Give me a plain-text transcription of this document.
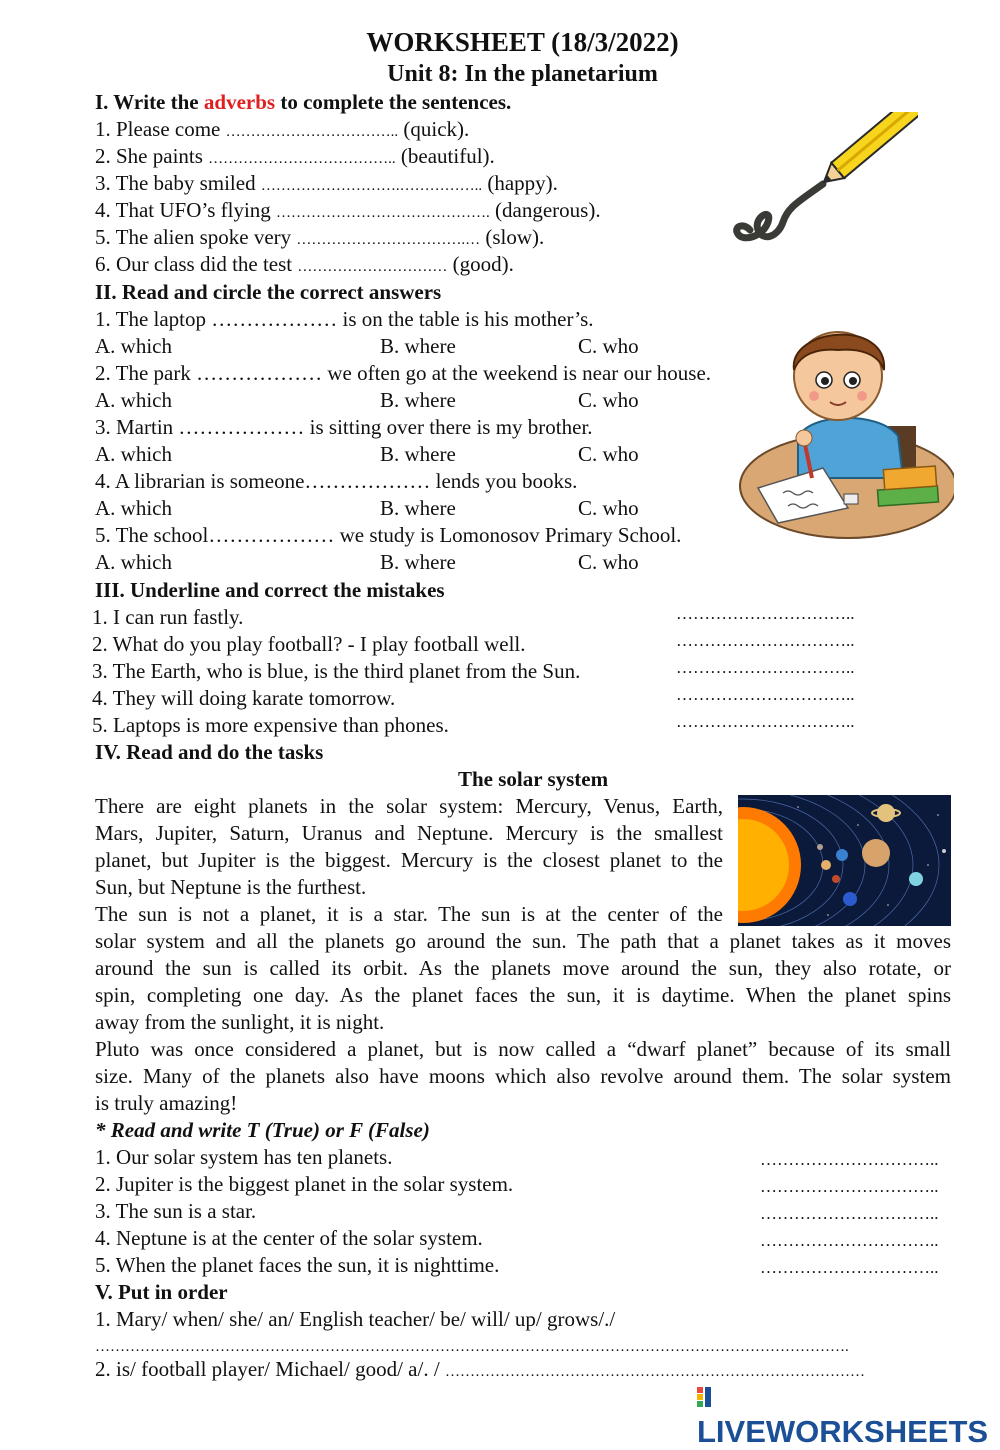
WORKSHEET (18/3/2022)
Unit 8: In the planetarium
I. Write the adverbs to complete the sentences.
1. Please come …………………………….. (quick).
2. She paints ……………………………….. (beautiful).
3. The baby smiled ……………………….…………….. (happy).
4. That UFO’s flying ……………………………………. (dangerous).
5. The alien spoke very …………………………….… (slow).
6. Our class did the test ………………………… (good).
II. Read and circle the correct answers
1. The laptop ……………… is on the table is his mother’s.
A. which	B. where	C. who
2. The park ……………… we often go at the weekend is near our house.
A. which	B. where	C. who
3. Martin ……………… is sitting over there is my brother.
A. which	B. where	C. who
4. A librarian is someone……………… lends you books.
A. which	B. where	C. who
5. The school……………… we study is Lomonosov Primary School.
A. which	B. where	C. who
III. Underline and correct the mistakes
1. I can run fastly.	…………………………..
2. What do you play football? - I play football well.	…………………………..
3. The Earth, who is blue, is the third planet from the Sun.	…………………………..
4. They will doing karate tomorrow.	…………………………..
5. Laptops is more expensive than phones.	…………………………..
IV. Read and do the tasks
The solar system
There are eight planets in the solar system: Mercury, Venus, Earth,
Mars, Jupiter, Saturn, Uranus and Neptune. Mercury is the smallest
planet, but Jupiter is the biggest. Mercury is the closest planet to the
Sun, but Neptune is the furthest.
The sun is not a planet, it is a star. The sun is at the center of the
solar system and all the planets go around the sun. The path that a planet takes as it moves
around the sun is called its orbit. As the planets move around the sun, they also rotate, or
spin, completing one day. As the planet faces the sun, it is daytime. When the planet spins
away from the sunlight, it is night.
Pluto was once considered a planet, but is now called a “dwarf planet” because of its small
size. Many of the planets also have moons which also revolve around them. The solar system
is truly amazing!
* Read and write T (True) or F (False)
1. Our solar system has ten planets.	…………………………..
2. Jupiter is the biggest planet in the solar system.	…………………………..
3. The sun is a star.	…………………………..
4. Neptune is at the center of the solar system.	…………………………..
5. When the planet faces the sun, it is nighttime.	…………………………..
V. Put in order
1. Mary/ when/ she/ an/ English teacher/ be/ will/ up/ grows/./
…………………………………………………………………………………………………………………………………….
2. is/ football player/ Michael/ good/ a/. / …………………………………………………………………………
LIVEWORKSHEETS
